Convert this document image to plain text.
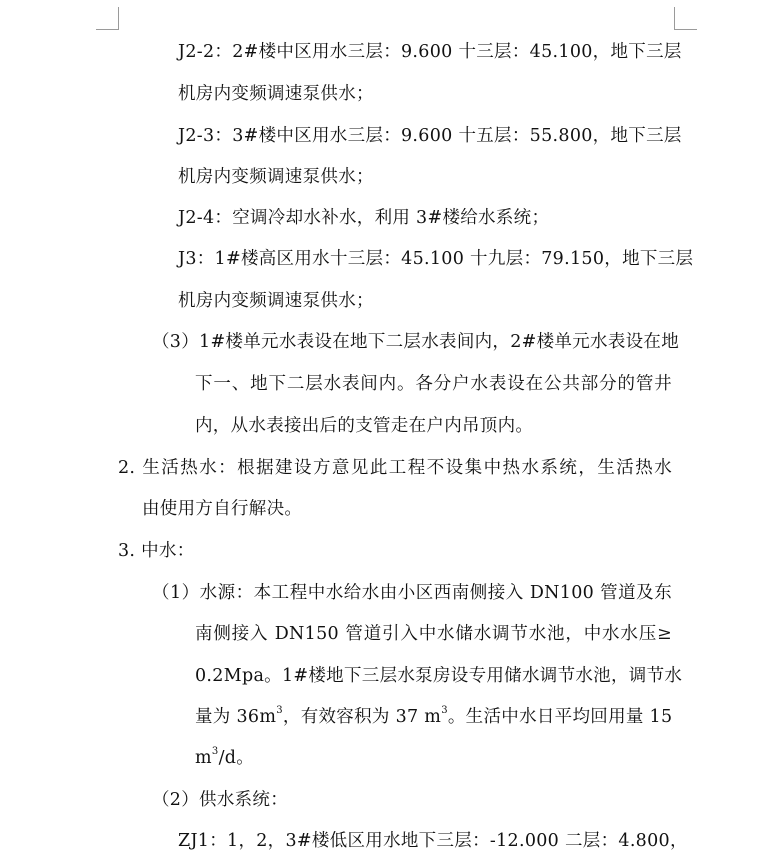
J2-2：2#楼中区用水三层：9.600 十三层：45.100，地下三层
机房内变频调速泵供水；
J2-3：3#楼中区用水三层：9.600 十五层：55.800，地下三层
机房内变频调速泵供水；
J2-4：空调冷却水补水，利用 3#楼给水系统；
J3：1#楼高区用水十三层：45.100 十九层：79.150，地下三层
机房内变频调速泵供水；
（3）1#楼单元水表设在地下二层水表间内，2#楼单元水表设在地
下一、地下二层水表间内。各分户水表设在公共部分的管井
内，从水表接出后的支管走在户内吊顶内。
2. 生活热水：根据建设方意见此工程不设集中热水系统，生活热水
由使用方自行解决。
3. 中水：
（1）水源：本工程中水给水由小区西南侧接入 DN100 管道及东
南侧接入 DN150 管道引入中水储水调节水池，中水水压≥
0.2Mpa。1#楼地下三层水泵房设专用储水调节水池，调节水
量为 $36m^3$，有效容积为 37 $m^3$。生活中水日平均回用量 15
$m^3/d$。
（2）供水系统：
ZJ1：1，2，3#楼低区用水地下三层：-12.000 二层：4.800，
